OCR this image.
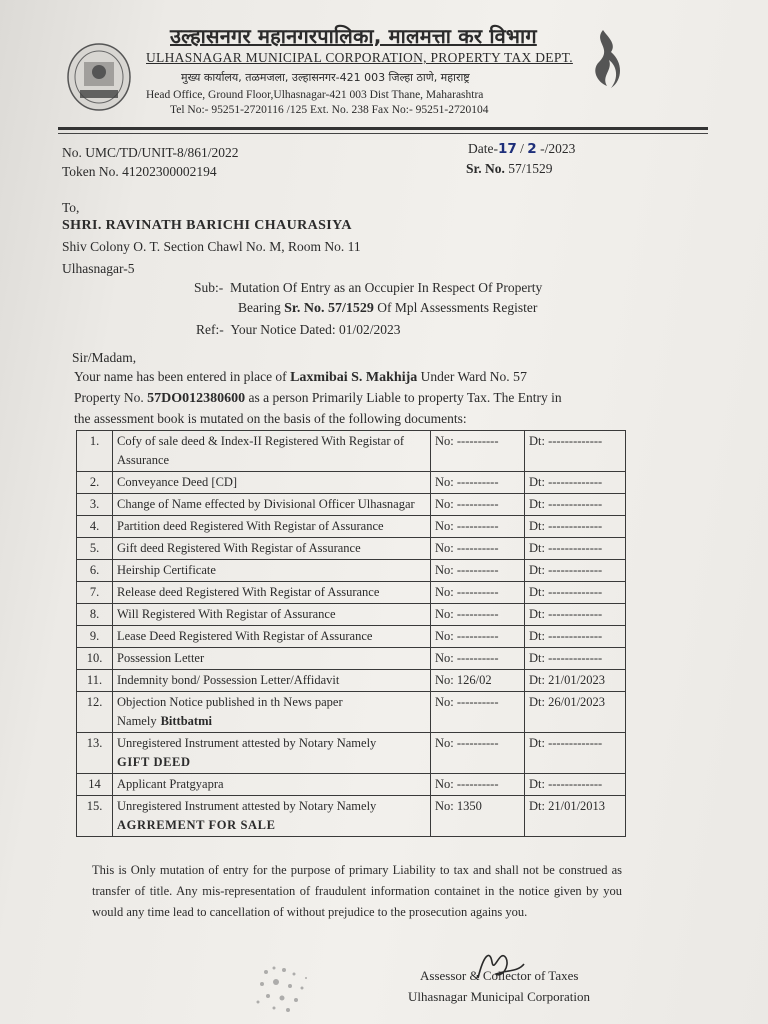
उल्हासनगर महानगरपालिका, मालमत्ता कर विभाग
ULHASNAGAR MUNICIPAL CORPORATION, PROPERTY TAX DEPT.
मुख्य कार्यालय, तळमजला, उल्हासनगर-421 003 जिल्हा ठाणे, महाराष्ट्र
Head Office, Ground Floor,Ulhasnagar-421 003 Dist Thane, Maharashtra
Tel No:- 95251-2720116 /125 Ext. No. 238 Fax No:- 95251-2720104
No. UMC/TD/UNIT-8/861/2022
Token No. 41202300002194
Date-17 / 2 -/2023
Sr. No. 57/1529
To,
SHRI. RAVINATH BARICHI CHAURASIYA
Shiv Colony O. T. Section Chawl No. M, Room No. 11
Ulhasnagar-5
Sub:- Mutation Of Entry as an Occupier In Respect Of Property
Bearing Sr. No. 57/1529 Of Mpl Assessments Register
Ref:- Your Notice Dated: 01/02/2023
Sir/Madam,
Your name has been entered in place of Laxmibai S. Makhija Under Ward No. 57
Property No. 57DO012380600 as a person Primarily Liable to property Tax. The Entry in
the assessment book is mutated on the basis of the following documents:
1.	Cofy of sale deed & Index-II Registered With Registar of Assurance	No: ----------	Dt: -------------
2.	Conveyance Deed [CD]	No: ----------	Dt: -------------
3.	Change of Name effected by Divisional Officer Ulhasnagar	No: ----------	Dt: -------------
4.	Partition deed Registered With Registar of Assurance	No: ----------	Dt: -------------
5.	Gift deed Registered With Registar of Assurance	No: ----------	Dt: -------------
6.	Heirship Certificate	No: ----------	Dt: -------------
7.	Release deed Registered With Registar of Assurance	No: ----------	Dt: -------------
8.	Will Registered With Registar of Assurance	No: ----------	Dt: -------------
9.	Lease Deed Registered With Registar of Assurance	No: ----------	Dt: -------------
10.	Possession Letter	No: ----------	Dt: -------------
11.	Indemnity bond/ Possession Letter/Affidavit	No: 126/02	Dt: 21/01/2023
12.	Objection Notice published in th News paper Namely Bittbatmi	No: ----------	Dt: 26/01/2023
13.	Unregistered Instrument attested by Notary Namely
GIFT DEED	No: ----------	Dt: -------------
14	Applicant Pratgyapra	No: ----------	Dt: -------------
15.	Unregistered Instrument attested by Notary Namely
AGRREMENT FOR SALE	No: 1350	Dt: 21/01/2013
This is Only mutation of entry for the purpose of primary Liability to tax and shall not be construed as transfer of title. Any mis-representation of fraudulent information containet in the notice given by you would any time lead to cancellation of without prejudice to the prosecution agains you.
Assessor & Collector of Taxes
Ulhasnagar Municipal Corporation
